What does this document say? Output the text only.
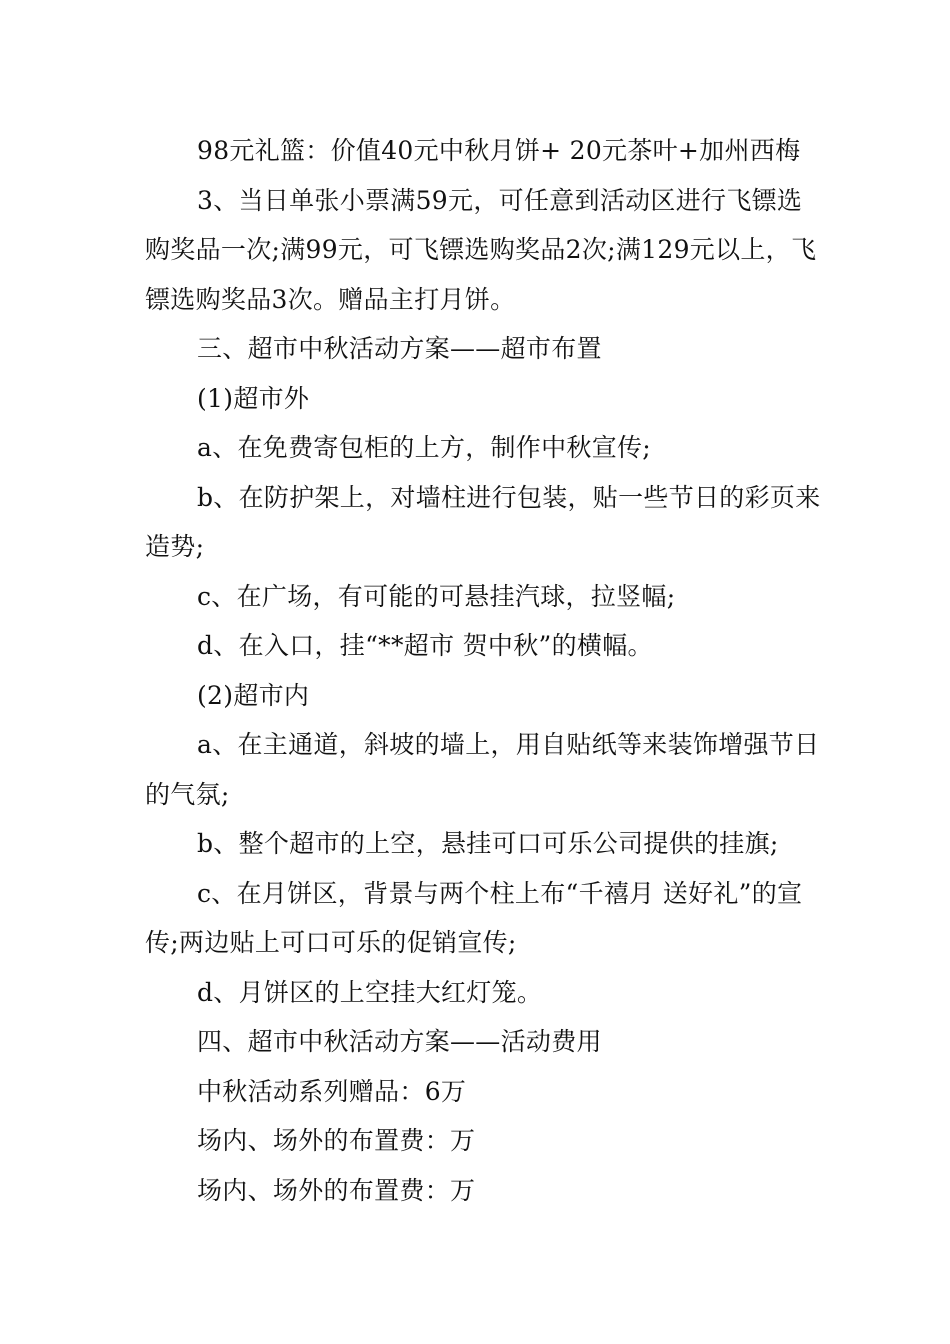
98元礼篮：价值40元中秋月饼+ 20元茶叶+加州西梅

3、当日单张小票满59元，可任意到活动区进行飞镖选购奖品一次;满99元，可飞镖选购奖品2次;满129元以上，飞镖选购奖品3次。赠品主打月饼。

三、超市中秋活动方案——超市布置

(1)超市外

a、在免费寄包柜的上方，制作中秋宣传;

b、在防护架上，对墙柱进行包装，贴一些节日的彩页来造势;

c、在广场，有可能的可悬挂汽球，拉竖幅;

d、在入口，挂“**超市 贺中秋”的横幅。

(2)超市内

a、在主通道，斜坡的墙上，用自贴纸等来装饰增强节日的气氛;

b、整个超市的上空，悬挂可口可乐公司提供的挂旗;

c、在月饼区，背景与两个柱上布“千禧月 送好礼”的宣传;两边贴上可口可乐的促销宣传;

d、月饼区的上空挂大红灯笼。

四、超市中秋活动方案——活动费用

中秋活动系列赠品：6万

场内、场外的布置费：万

场内、场外的布置费：万
